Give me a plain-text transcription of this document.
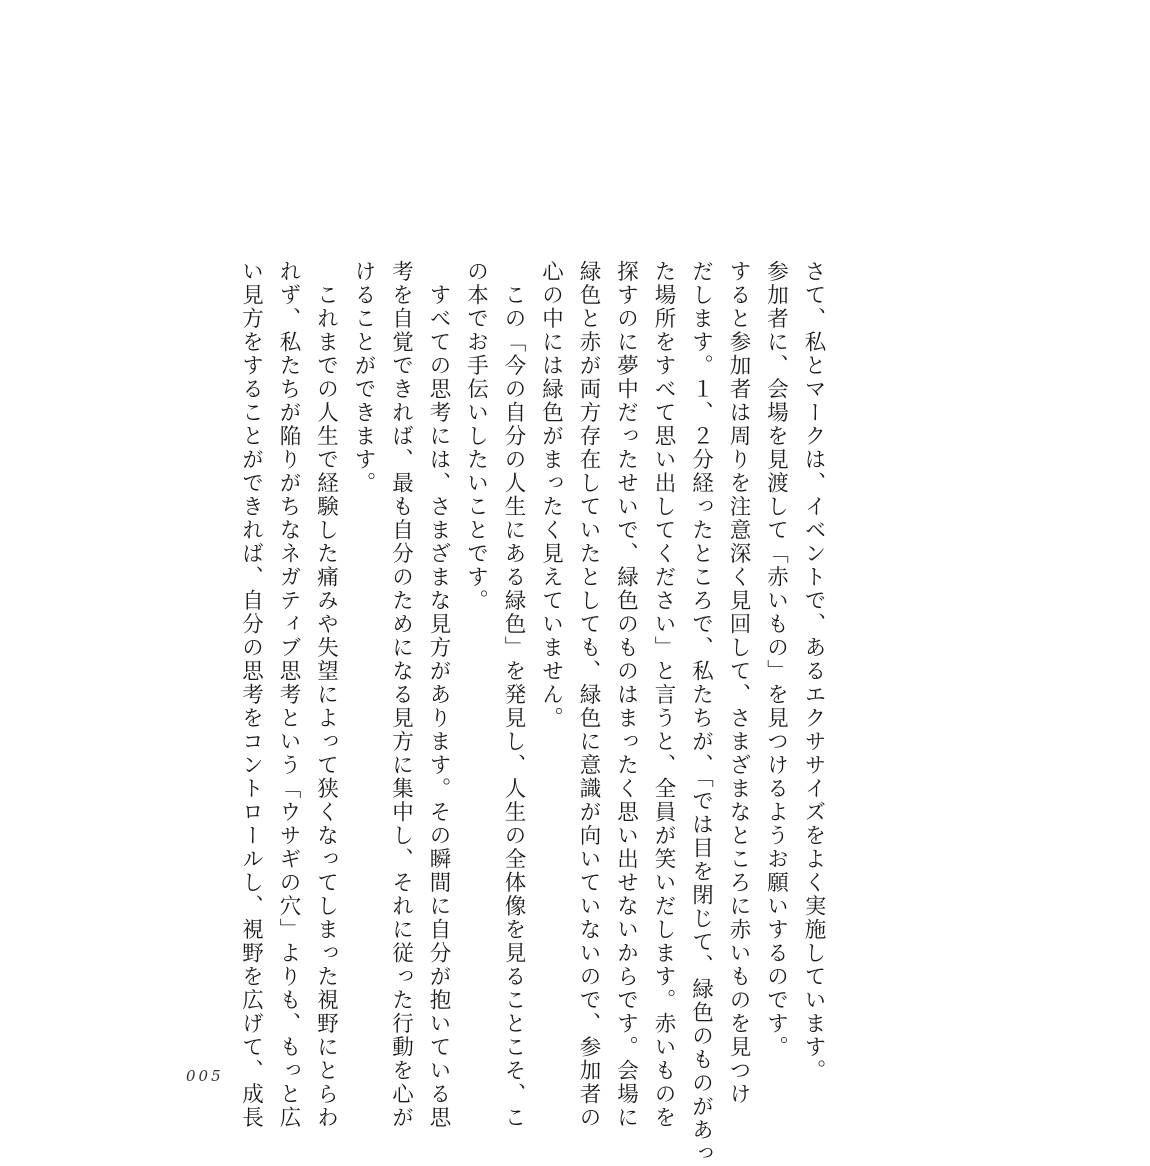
さて、私とマークは、イベントで、あるエクササイズをよく実施しています。
参加者に、会場を見渡して「赤いもの」を見つけるようお願いするのです。
すると参加者は周りを注意深く見回して、さまざまなところに赤いものを見つけ
だします。１、２分経ったところで、私たちが、「では目を閉じて、緑色のものがあっ
た場所をすべて思い出してください」と言うと、全員が笑いだします。赤いものを
探すのに夢中だったせいで、緑色のものはまったく思い出せないからです。会場に
緑色と赤が両方存在していたとしても、緑色に意識が向いていないので、参加者の
心の中には緑色がまったく見えていません。
　この「今の自分の人生にある緑色」を発見し、人生の全体像を見ることこそ、こ
の本でお手伝いしたいことです。
　すべての思考には、さまざまな見方があります。その瞬間に自分が抱いている思
考を自覚できれば、最も自分のためになる見方に集中し、それに従った行動を心が
けることができます。
　これまでの人生で経験した痛みや失望によって狭くなってしまった視野にとらわ
れず、私たちが陥りがちなネガティブ思考という「ウサギの穴」よりも、もっと広
い見方をすることができれば、自分の思考をコントロールし、視野を広げて、成長
005
